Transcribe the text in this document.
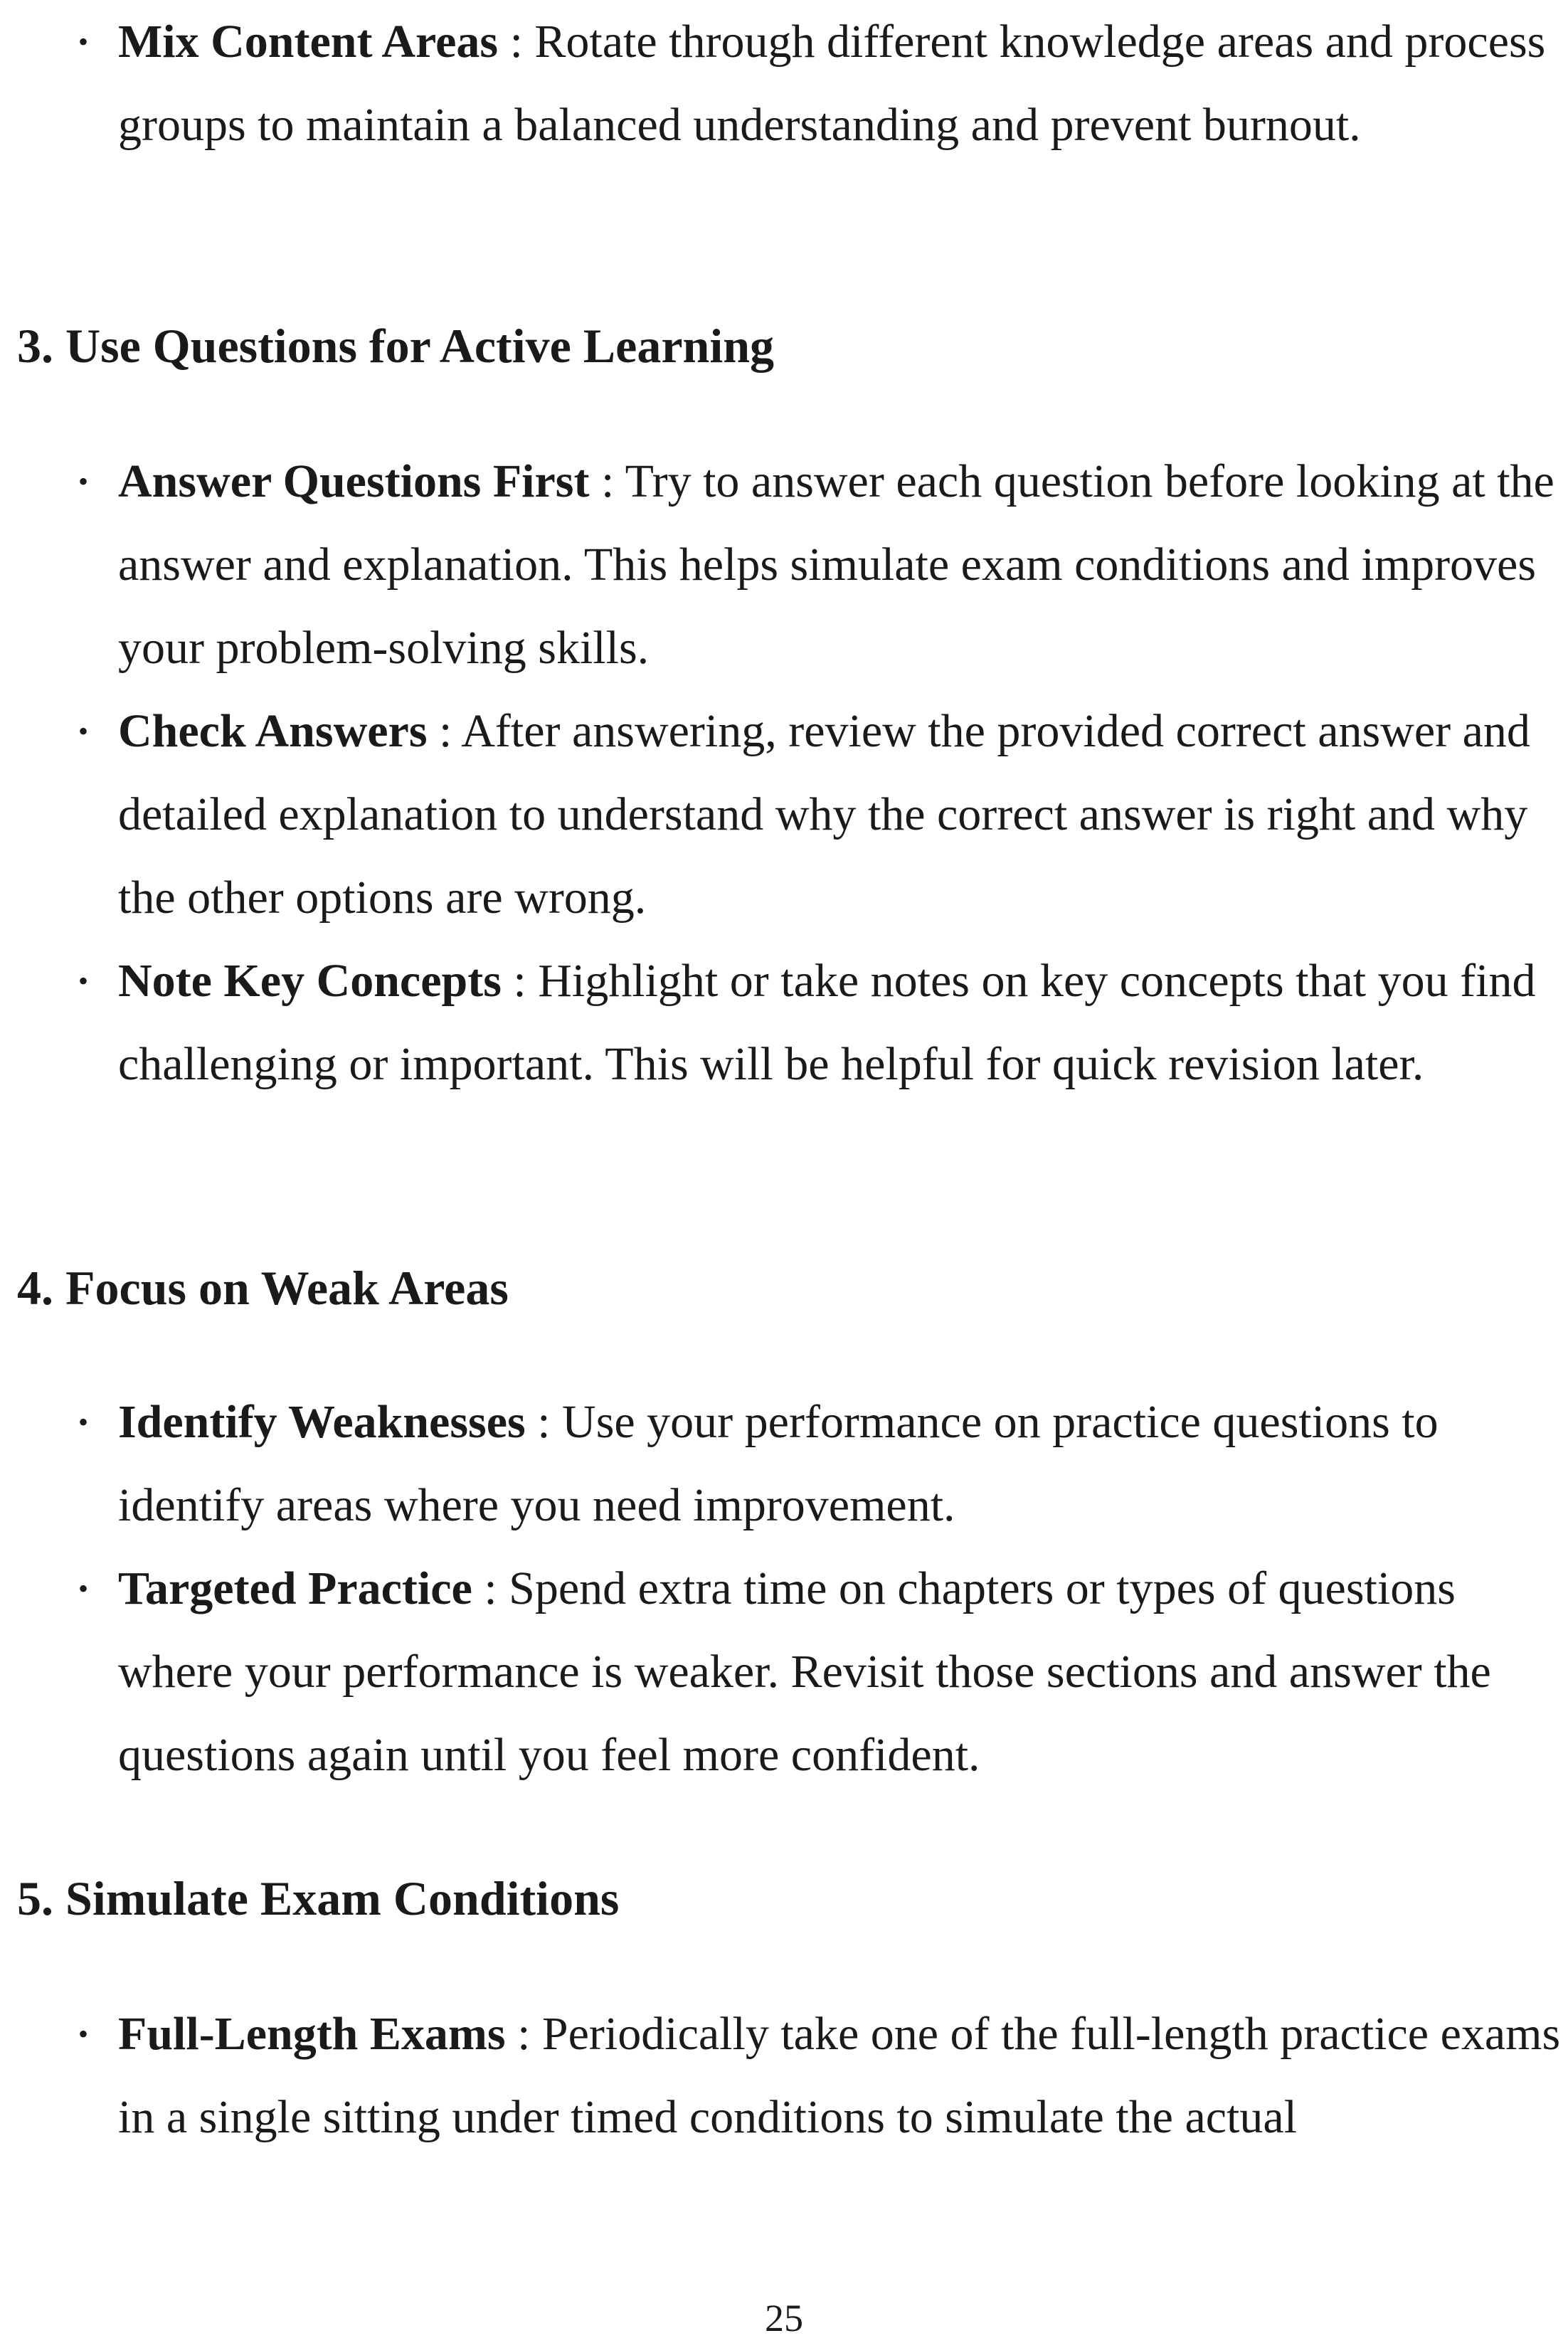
• Mix Content Areas : Rotate through different knowledge areas and process groups to maintain a balanced understanding and prevent burnout.
3. Use Questions for Active Learning
• Answer Questions First : Try to answer each question before looking at the answer and explanation. This helps simulate exam conditions and improves your problem-solving skills.
• Check Answers : After answering, review the provided correct answer and detailed explanation to understand why the correct answer is right and why the other options are wrong.
• Note Key Concepts : Highlight or take notes on key concepts that you find challenging or important. This will be helpful for quick revision later.
4. Focus on Weak Areas
• Identify Weaknesses : Use your performance on practice questions to identify areas where you need improvement.
• Targeted Practice : Spend extra time on chapters or types of questions where your performance is weaker. Revisit those sections and answer the questions again until you feel more confident.
5. Simulate Exam Conditions
• Full-Length Exams : Periodically take one of the full-length practice exams in a single sitting under timed conditions to simulate the actual
25
